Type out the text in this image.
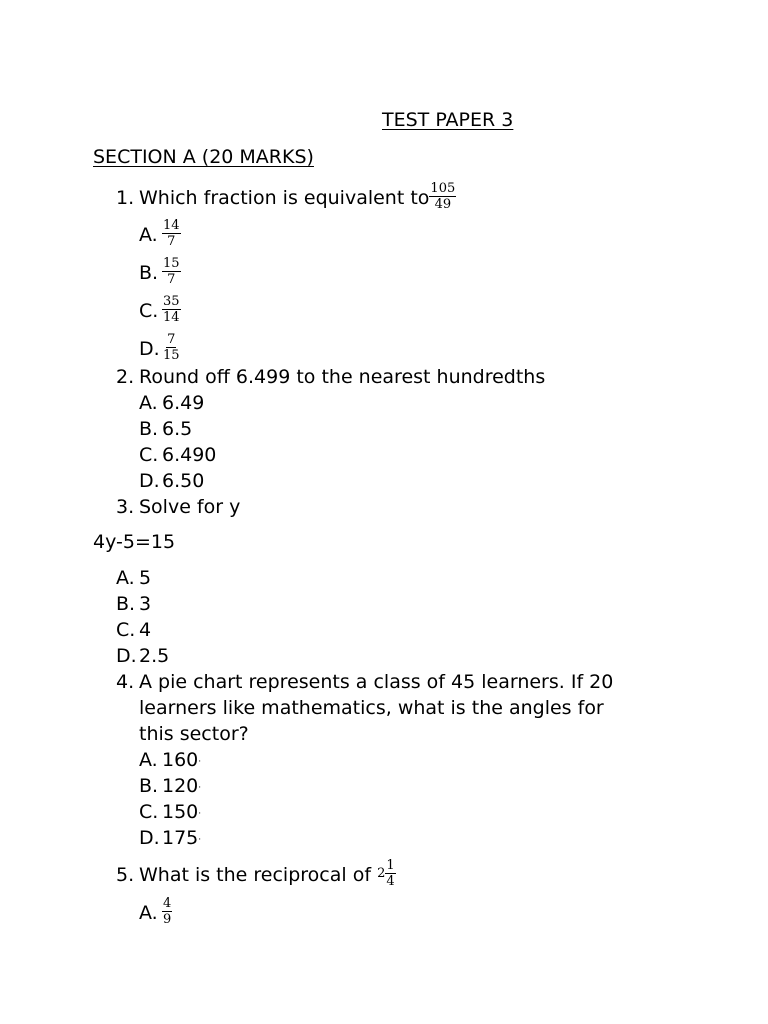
TEST PAPER 3
SECTION A (20 MARKS)
1. Which fraction is equivalent to $\frac{105}{49}$
A. $\frac{14}{7}$
B. $\frac{15}{7}$
C. $\frac{35}{14}$
D. $\frac{7}{15}$
2. Round off 6.499 to the nearest hundredths
A. 6.49
B. 6.5
C. 6.490
D. 6.50
3. Solve for y
4y-5=15
A. 5
B. 3
C. 4
D. 2.5
4. A pie chart represents a class of 45 learners. If 20
learners like mathematics, what is the angles for
this sector?
A. 160·
B. 120·
C. 150·
D. 175·
5. What is the reciprocal of $2 \frac{1}{4}$
A. $\frac{4}{9}$
